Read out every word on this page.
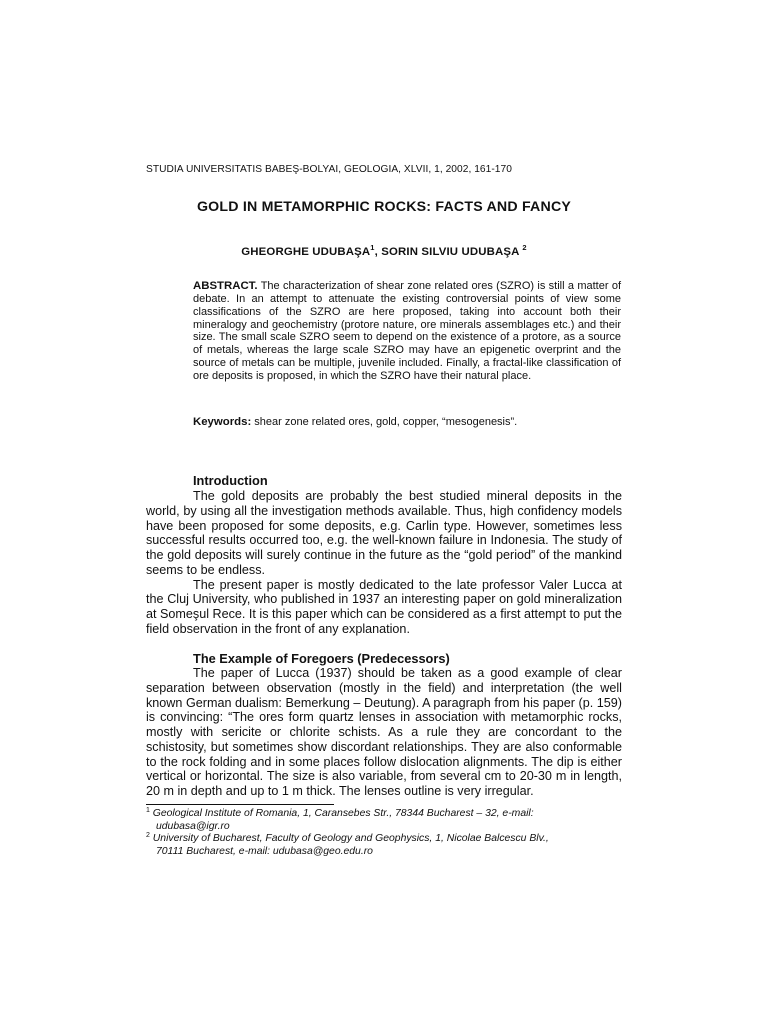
STUDIA UNIVERSITATIS BABEŞ-BOLYAI, GEOLOGIA, XLVII, 1, 2002, 161-170
GOLD IN METAMORPHIC ROCKS: FACTS AND FANCY
GHEORGHE UDUBAŞA$^1$, SORIN SILVIU UDUBAŞA $^2$

ABSTRACT. The characterization of shear zone related ores (SZRO) is still a matter of debate. In an attempt to attenuate the existing controversial points of view some classifications of the SZRO are here proposed, taking into account both their mineralogy and geochemistry (protore nature, ore minerals assemblages etc.) and their size. The small scale SZRO seem to depend on the existence of a protore, as a source of metals, whereas the large scale SZRO may have an epigenetic overprint and the source of metals can be multiple, juvenile included. Finally, a fractal-like classification of ore deposits is proposed, in which the SZRO have their natural place.

Keywords: shear zone related ores, gold, copper, “mesogenesis”.

Introduction

The gold deposits are probably the best studied mineral deposits in the world, by using all the investigation methods available. Thus, high confidency models have been proposed for some deposits, e.g. Carlin type. However, sometimes less successful results occurred too, e.g. the well-known failure in Indonesia. The study of the gold deposits will surely continue in the future as the “gold period” of the mankind seems to be endless.

The present paper is mostly dedicated to the late professor Valer Lucca at the Cluj University, who published in 1937 an interesting paper on gold mineralization at Someşul Rece. It is this paper which can be considered as a first attempt to put the field observation in the front of any explanation.

The Example of Foregoers (Predecessors)

The paper of Lucca (1937) should be taken as a good example of clear separation between observation (mostly in the field) and interpretation (the well known German dualism: Bemerkung – Deutung). A paragraph from his paper (p. 159) is convincing: “The ores form quartz lenses in association with metamorphic rocks, mostly with sericite or chlorite schists. As a rule they are concordant to the schistosity, but sometimes show discordant relationships. They are also conformable to the rock folding and in some places follow dislocation alignments. The dip is either vertical or horizontal. The size is also variable, from several cm to 20-30 m in length, 20 m in depth and up to 1 m thick. The lenses outline is very irregular.

$^1$ Geological Institute of Romania, 1, Caransebes Str., 78344 Bucharest – 32, e-mail:
udubasa@igr.ro
$^2$ University of Bucharest, Faculty of Geology and Geophysics, 1, Nicolae Balcescu Blv.,
70111 Bucharest, e-mail: udubasa@geo.edu.ro
